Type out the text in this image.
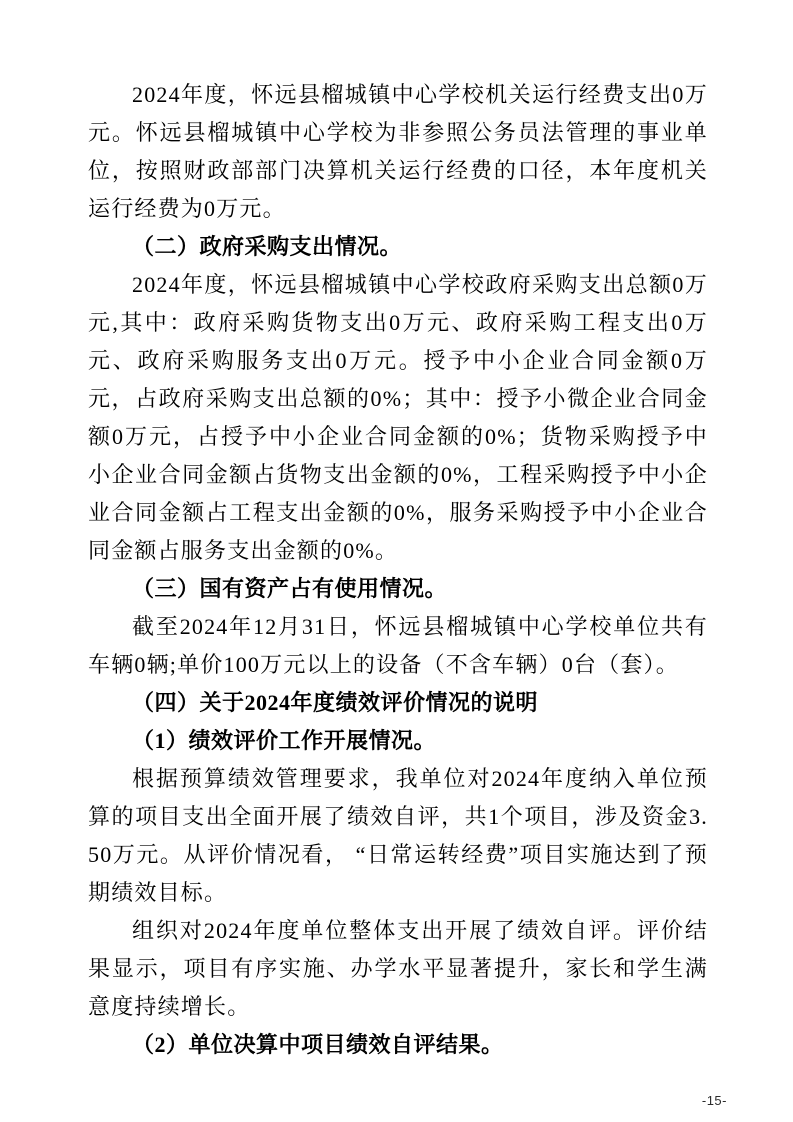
2024年度，怀远县榴城镇中心学校机关运行经费支出0万元。怀远县榴城镇中心学校为非参照公务员法管理的事业单位，按照财政部部门决算机关运行经费的口径，本年度机关运行经费为0万元。

（二）政府采购支出情况。

2024年度，怀远县榴城镇中心学校政府采购支出总额0万元,其中：政府采购货物支出0万元、政府采购工程支出0万元、政府采购服务支出0万元。授予中小企业合同金额0万元，占政府采购支出总额的0%；其中：授予小微企业合同金额0万元，占授予中小企业合同金额的0%；货物采购授予中小企业合同金额占货物支出金额的0%，工程采购授予中小企业合同金额占工程支出金额的0%，服务采购授予中小企业合同金额占服务支出金额的0%。

（三）国有资产占有使用情况。

截至2024年12月31日，怀远县榴城镇中心学校单位共有车辆0辆;单价100万元以上的设备（不含车辆）0台（套）。

（四）关于2024年度绩效评价情况的说明

（1）绩效评价工作开展情况。

根据预算绩效管理要求，我单位对2024年度纳入单位预算的项目支出全面开展了绩效自评，共1个项目，涉及资金3.50万元。从评价情况看， “日常运转经费”项目实施达到了预期绩效目标。

组织对2024年度单位整体支出开展了绩效自评。评价结果显示，项目有序实施、办学水平显著提升，家长和学生满意度持续增长。

（2）单位决算中项目绩效自评结果。

-15-
